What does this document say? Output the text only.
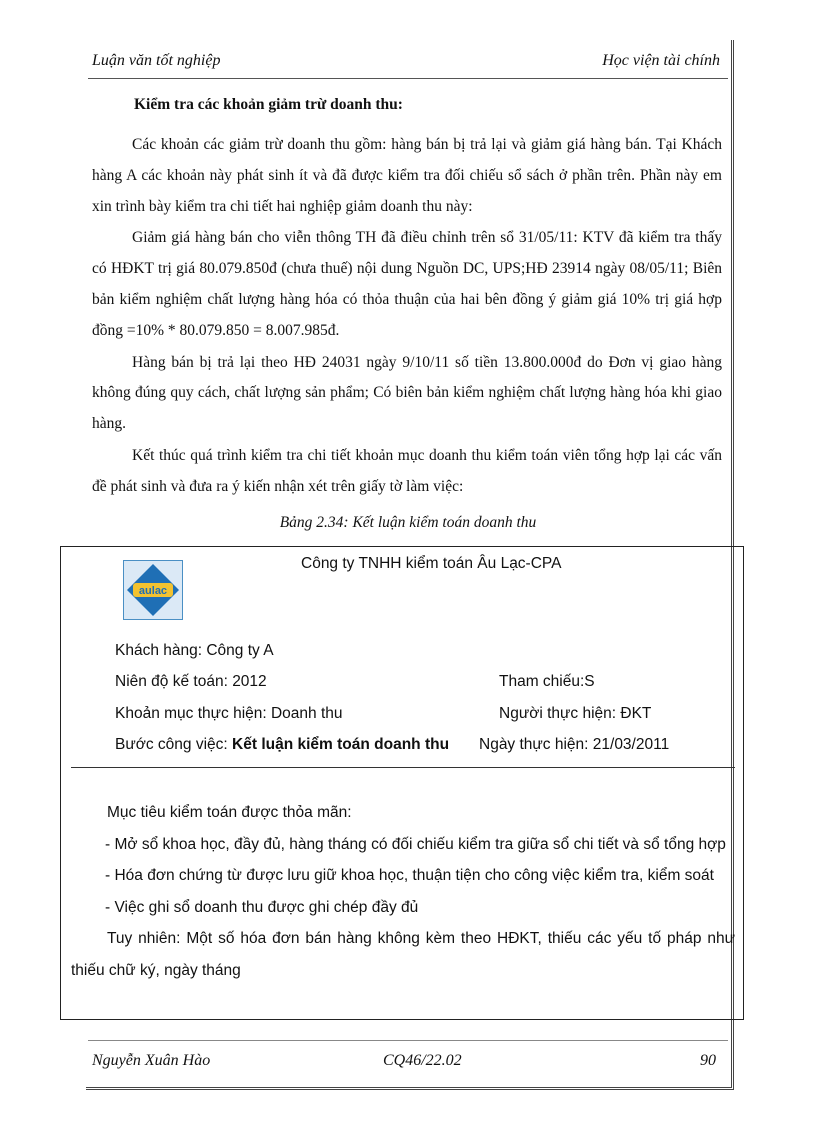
Luận văn tốt nghiệp	Học viện tài chính
Kiểm tra các khoản giảm trừ doanh thu:

Các khoản các giảm trừ doanh thu gồm: hàng bán bị trả lại và giảm giá hàng bán. Tại Khách hàng A các khoản này phát sinh ít và đã được kiểm tra đối chiếu sổ sách ở phần trên. Phần này em xin trình bày kiểm tra chi tiết hai nghiệp giảm doanh thu này:

Giảm giá hàng bán cho viễn thông TH đã điều chỉnh trên sổ 31/05/11: KTV đã kiểm tra thấy có HĐKT trị giá 80.079.850đ (chưa thuế) nội dung Nguồn DC, UPS;HĐ 23914 ngày 08/05/11; Biên bản kiểm nghiệm chất lượng hàng hóa có thỏa thuận của hai bên đồng ý giảm giá 10% trị giá hợp đồng =10% * 80.079.850 = 8.007.985đ.

Hàng bán bị trả lại theo HĐ 24031 ngày 9/10/11 số tiền 13.800.000đ do Đơn vị giao hàng không đúng quy cách, chất lượng sản phẩm; Có biên bản kiểm nghiệm chất lượng hàng hóa khi giao hàng.

Kết thúc quá trình kiểm tra chi tiết khoản mục doanh thu kiểm toán viên tổng hợp lại các vấn đề phát sinh và đưa ra ý kiến nhận xét trên giấy tờ làm việc:

Bảng 2.34: Kết luận kiểm toán doanh thu
aulac
Công ty TNHH kiểm toán Âu Lạc-CPA
Khách hàng: Công ty A
Niên độ kế toán: 2012	Tham chiếu:S
Khoản mục thực hiện: Doanh thu	Người thực hiện: ĐKT
Bước công việc: Kết luận kiểm toán doanh thu Ngày thực hiện: 21/03/2011

Mục tiêu kiểm toán được thỏa mãn:

- Mở sổ khoa học, đầy đủ, hàng tháng có đối chiếu kiểm tra giữa sổ chi tiết và sổ tổng hợp

- Hóa đơn chứng từ được lưu giữ khoa học, thuận tiện cho công việc kiểm tra, kiểm soát

- Việc ghi sổ doanh thu được ghi chép đầy đủ

Tuy nhiên: Một số hóa đơn bán hàng không kèm theo HĐKT, thiếu các yếu tố pháp như thiếu chữ ký, ngày tháng

Nguyễn Xuân Hào	CQ46/22.02	90
